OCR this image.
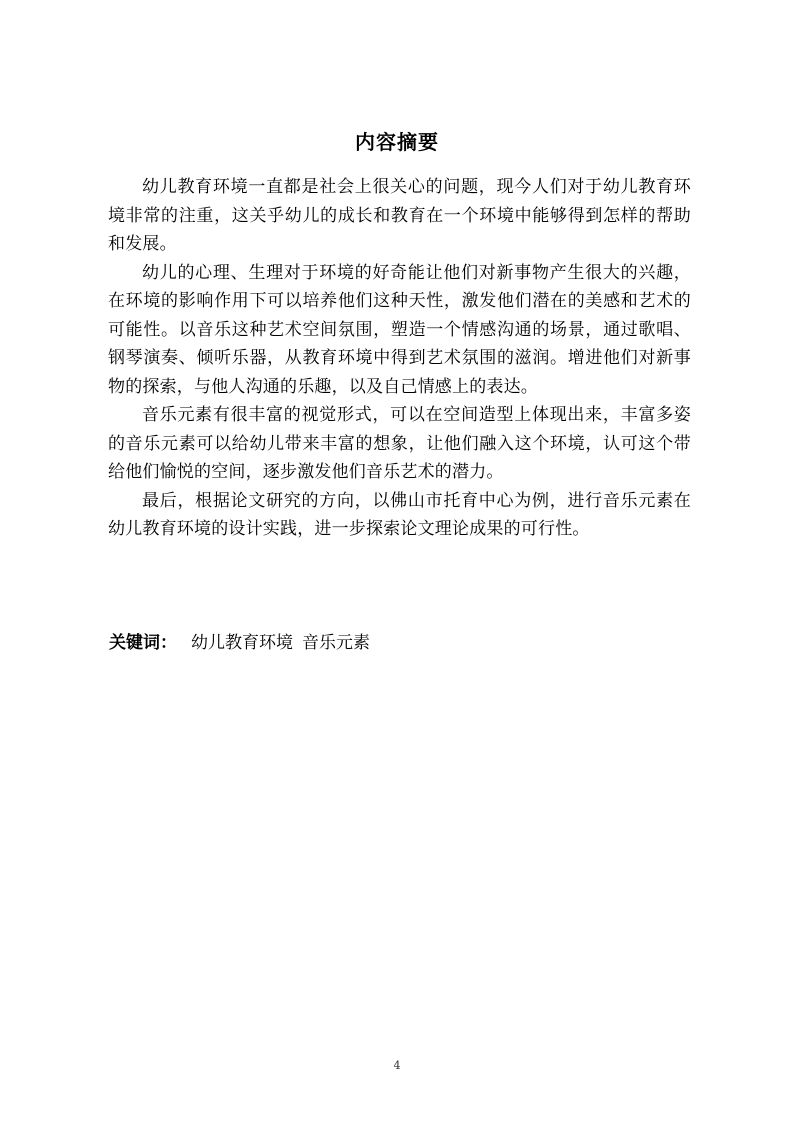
内容摘要

幼儿教育环境一直都是社会上很关心的问题，现今人们对于幼儿教育环境非常的注重，这关乎幼儿的成长和教育在一个环境中能够得到怎样的帮助和发展。

幼儿的心理、生理对于环境的好奇能让他们对新事物产生很大的兴趣，在环境的影响作用下可以培养他们这种天性，激发他们潜在的美感和艺术的可能性。以音乐这种艺术空间氛围，塑造一个情感沟通的场景，通过歌唱、钢琴演奏、倾听乐器，从教育环境中得到艺术氛围的滋润。增进他们对新事物的探索，与他人沟通的乐趣，以及自己情感上的表达。

音乐元素有很丰富的视觉形式，可以在空间造型上体现出来，丰富多姿的音乐元素可以给幼儿带来丰富的想象，让他们融入这个环境，认可这个带给他们愉悦的空间，逐步激发他们音乐艺术的潜力。

最后，根据论文研究的方向，以佛山市托育中心为例，进行音乐元素在幼儿教育环境的设计实践，进一步探索论文理论成果的可行性。

关键词： 幼儿教育环境 音乐元素
4
